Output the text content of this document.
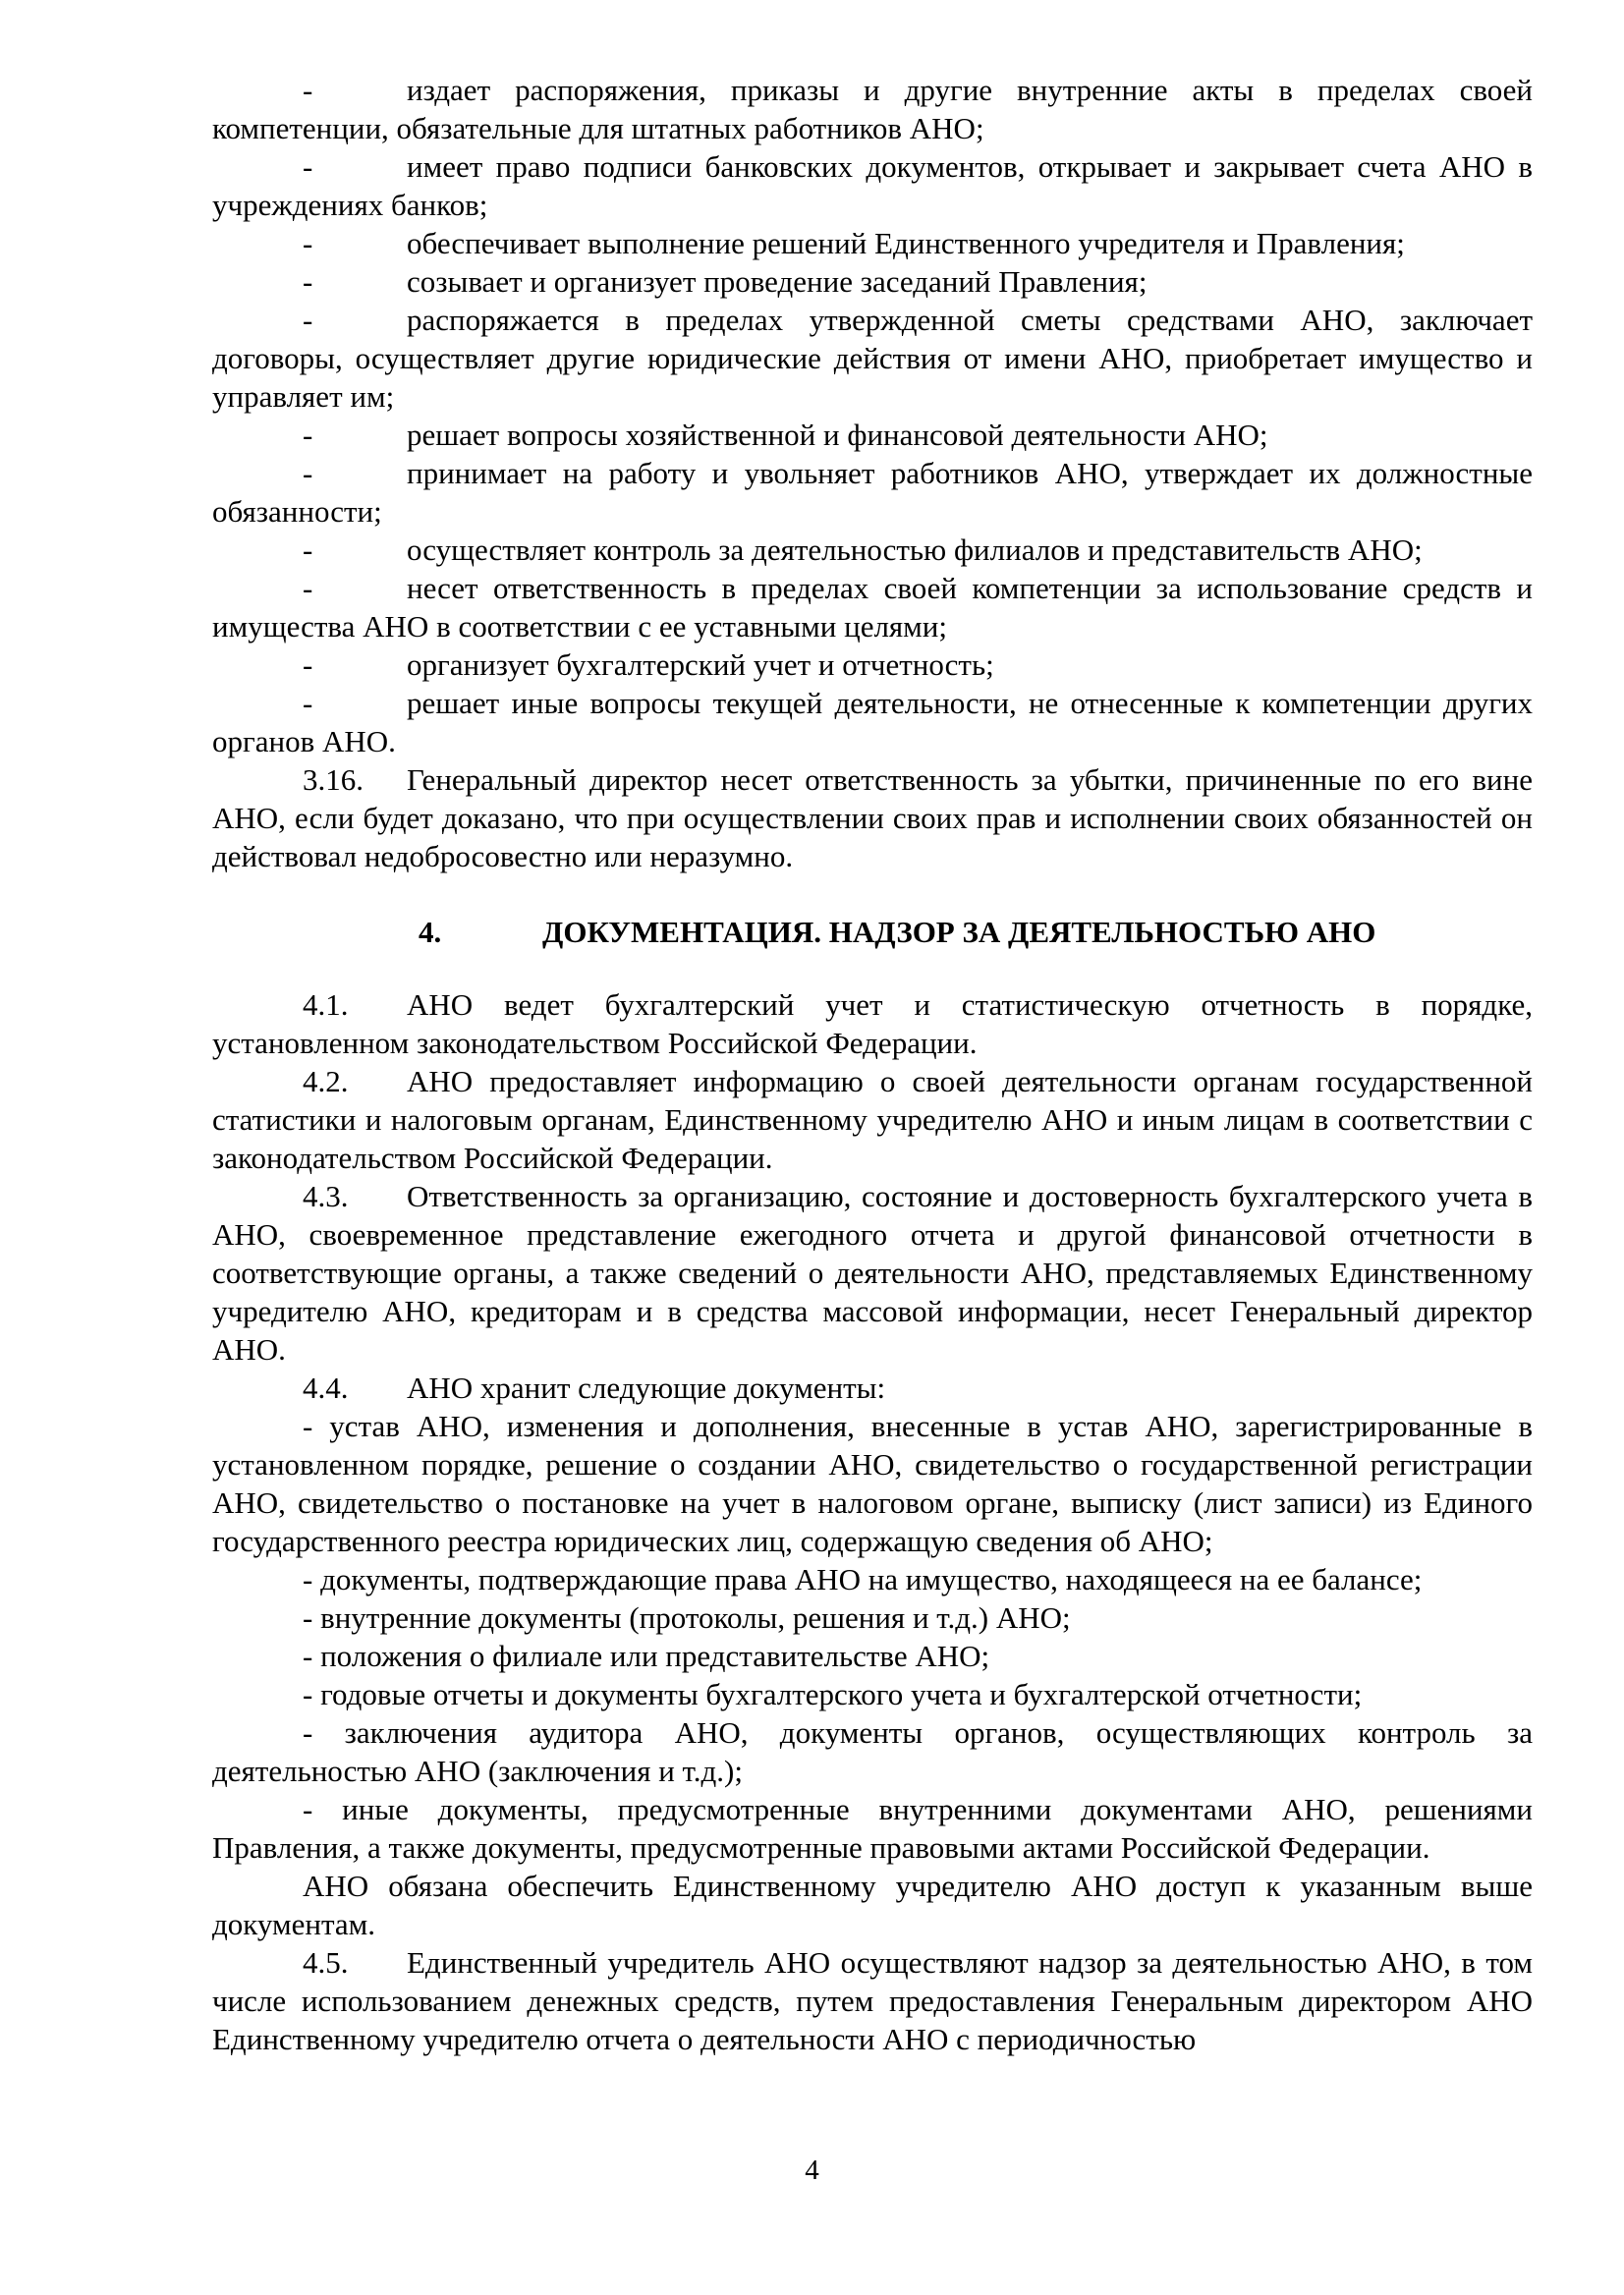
-	издает распоряжения, приказы и другие внутренние акты в пределах своей компетенции, обязательные для штатных работников АНО;

-	имеет право подписи банковских документов, открывает и закрывает счета АНО в учреждениях банков;

-	обеспечивает выполнение решений Единственного учредителя и Правления;

-	созывает и организует проведение заседаний Правления;

-	распоряжается в пределах утвержденной сметы средствами АНО, заключает договоры, осуществляет другие юридические действия от имени АНО, приобретает имущество и управляет им;

-	решает вопросы хозяйственной и финансовой деятельности АНО;

-	принимает на работу и увольняет работников АНО, утверждает их должностные обязанности;

-	осуществляет контроль за деятельностью филиалов и представительств АНО;

-	несет ответственность в пределах своей компетенции за использование средств и имущества АНО в соответствии с ее уставными целями;

-	организует бухгалтерский учет и отчетность;

-	решает иные вопросы текущей деятельности, не отнесенные к компетенции других органов АНО.

3.16. Генеральный директор несет ответственность за убытки, причиненные по его вине АНО, если будет доказано, что при осуществлении своих прав и исполнении своих обязанностей он действовал недобросовестно или неразумно.

4.	ДОКУМЕНТАЦИЯ. НАДЗОР ЗА ДЕЯТЕЛЬНОСТЬЮ АНО

4.1. АНО ведет бухгалтерский учет и статистическую отчетность в порядке, установленном законодательством Российской Федерации.

4.2. АНО предоставляет информацию о своей деятельности органам государственной статистики и налоговым органам, Единственному учредителю АНО и иным лицам в соответствии с законодательством Российской Федерации.

4.3. Ответственность за организацию, состояние и достоверность бухгалтерского учета в АНО, своевременное представление ежегодного отчета и другой финансовой отчетности в соответствующие органы, а также сведений о деятельности АНО, представляемых Единственному учредителю АНО, кредиторам и в средства массовой информации, несет Генеральный директор АНО.

4.4. АНО хранит следующие документы:

- устав АНО, изменения и дополнения, внесенные в устав АНО, зарегистрированные в установленном порядке, решение о создании АНО, свидетельство о государственной регистрации АНО, свидетельство о постановке на учет в налоговом органе, выписку (лист записи) из Единого государственного реестра юридических лиц, содержащую сведения об АНО;

- документы, подтверждающие права АНО на имущество, находящееся на ее балансе;

- внутренние документы (протоколы, решения и т.д.) АНО;

- положения о филиале или представительстве АНО;

- годовые отчеты и документы бухгалтерского учета и бухгалтерской отчетности;

- заключения аудитора АНО, документы органов, осуществляющих контроль за деятельностью АНО (заключения и т.д.);

- иные документы, предусмотренные внутренними документами АНО, решениями Правления, а также документы, предусмотренные правовыми актами Российской Федерации.

АНО обязана обеспечить Единственному учредителю АНО доступ к указанным выше документам.

4.5. Единственный учредитель АНО осуществляют надзор за деятельностью АНО, в том числе использованием денежных средств, путем предоставления Генеральным директором АНО Единственному учредителю отчета о деятельности АНО с периодичностью

4
